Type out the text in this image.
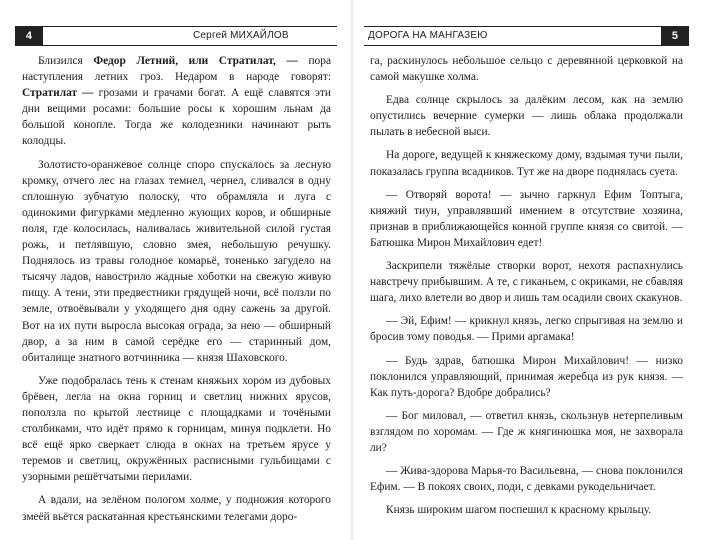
4	Сергей МИХАЙЛОВ

Близился Федор Летний, или Стратилат, — пора наступления летних гроз. Недаром в народе говорят: Стратилат — грозами и грачами богат. А ещё славятся эти дни вещими росами: большие росы к хорошим льнам да большой конопле. Тогда же колодезники начинают рыть колодцы.

Золотисто-оранжевое солнце споро спускалось за лесную кромку, отчего лес на глазах темнел, чернел, сливался в одну сплошную зубчатую полоску, что обрамляла и луга с одинокими фигурками медленно жующих коров, и обширные поля, где колосилась, наливалась живительной силой густая рожь, и петлявшую, словно змея, небольшую речушку. Поднялось из травы голодное комарьё, тоненько загудело на тысячу ладов, навострило жадные хоботки на свежую живую пищу. А тени, эти предвестники грядущей ночи, всё ползли по земле, отвоёвывали у уходящего дня одну сажень за другой. Вот на их пути выросла высокая ограда, за нею — обширный двор, а за ним в самой серёдке его — старинный дом, обиталище знатного вотчинника — князя Шаховского.

Уже подобралась тень к стенам княжьих хором из дубовых брёвен, легла на окна горниц и светлиц нижних ярусов, поползла по крытой лестнице с площадками и точёными столбиками, что идёт прямо к горницам, минуя подклети. Но всё ещё ярко сверкает слюда в окнах на третьем ярусе у теремов и светлиц, окружённых расписными гульбищами с узорными решётчатыми перилами.

А вдали, на зелёном пологом холме, у подножия которого змеёй вьётся раскатанная крестьянскими телегами доро-

ДОРОГА НА МАНГАЗЕЮ	5

га, раскинулось небольшое сельцо с деревянной церковкой на самой макушке холма.

Едва солнце скрылось за далёким лесом, как на землю опустились вечерние сумерки — лишь облака продолжали пылать в небесной выси.

На дороге, ведущей к княжескому дому, вздымая тучи пыли, показалась группа всадников. Тут же на дворе поднялась суета.

— Отворяй ворота! — зычно гаркнул Ефим Топтыга, княжий тиун, управлявший имением в отсутствие хозяина, признав в приближающейся конной группе князя со свитой. — Батюшка Мирон Михайлович едет!

Заскрипели тяжёлые створки ворот, нехотя распахнулись навстречу прибывшим. А те, с гиканьем, с окриками, не сбавляя шага, лихо влетели во двор и лишь там осадили своих скакунов.

— Эй, Ефим! — крикнул князь, легко спрыгивая на землю и бросив тому поводья. — Прими аргамака!

— Будь здрав, батюшка Мирон Михайлович! — низко поклонился управляющий, принимая жеребца из рук князя. — Как путь-дорога? Вдобре добрались?

— Бог миловал, — ответил князь, скользнув нетерпеливым взглядом по хоромам. — Где ж княгинюшка моя, не захворала ли?

— Жива-здорова Марья-то Васильевна, — снова поклонился Ефим. — В покоях своих, поди, с девками рукодельничает.

Князь широким шагом поспешил к красному крыльцу.
